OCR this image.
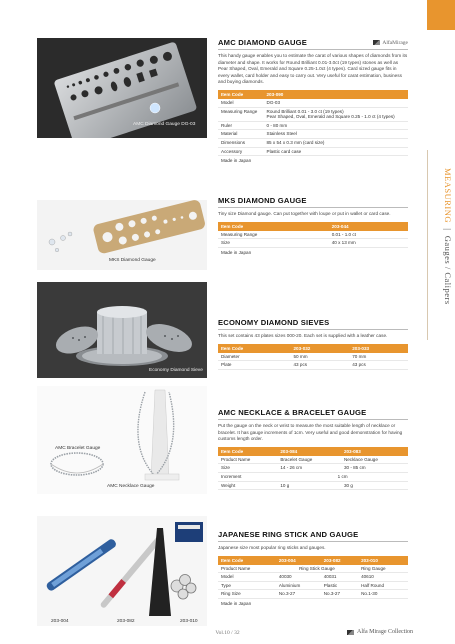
MEASURING  |  Gauges / Calipers
AMC Diamond Gauge DG-03
MKS Diamond Gauge
Economy Diamond Sieve
AMC Bracelet Gauge
AMC Necklace Gauge
203-004	203-082	203-010
AMC DIAMOND GAUGE	AlfaMirage
This handy gauge enables you to estimate the carat of various shapes of diamonds from its diameter and shape. It works for Round Brilliant 0.01-3.0ct (19 types) stones as well as Pear Shaped, Oval, Emerald and Square 0.25-1.0ct (4 types). Card sized gauge fits in every wallet, card holder and easy to carry out. Very useful for carat estimation, business and buying diamonds.
Item Code	203-090
Model	DG-03
Measuring Range	Round Brilliant 0.01 - 3.0 ct (19 types)
Pear Shaped, Oval, Emerald and Square 0.25 - 1.0 ct (4 types)
Ruler	0 - 80 mm
Material	Stainless Steel
Dimensions	85 x 54 x 0.3 mm (card size)
Accessory	Plastic card case
Made in Japan
MKS DIAMOND GAUGE
Tiny size Diamond gauge. Can put together with loupe or put in wallet or card case.
Item Code	203-044
Measuring Range	0.01 - 1.0 ct
Size	40 x 13 mm
Made in Japan
ECONOMY DIAMOND SIEVES
This set contains 43 plates sizes 000-20. Each set is supplied with a leather case.
Item Code	203-032	203-033
Diameter	50 mm	70 mm
Plate	43 pcs	43 pcs
AMC NECKLACE & BRACELET GAUGE
Put the gauge on the neck or wrist to measure the most suitable length of necklace or bracelet. It has gauge increments of 1cm. Very useful and good demonstration for having customs length order.
Item Code	203-084	203-083
Product Name	Bracelet Gauge	Necklace Gauge
Size	14 - 26 cm	30 - 85 cm
Increment	1 cm	
Weight	10 g	30 g
JAPANESE RING STICK AND GAUGE
Japanese size most popular ring sticks and gauges.
Item Code	203-004	203-082	203-010
Product Name	Ring Stick Gauge		Ring Gauge
Model	40030	40031	40610
Type	Aluminium	Plastic	Half Round
Ring Size	No.3-27	No.3-27	No.1-30
Made in Japan
Vol.10 / 32	Alfa Mirage Collection
